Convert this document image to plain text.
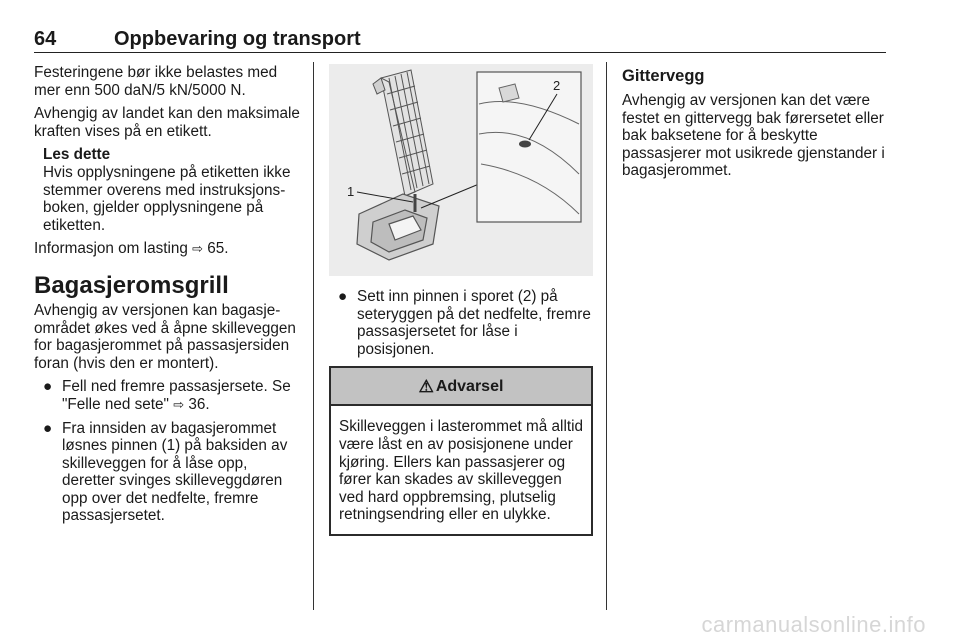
64	Oppbevaring og transport

Festeringene bør ikke belastes med mer enn 500 daN/5 kN/5000 N.

Avhengig av landet kan den maksimale kraften vises på en etikett.

Les dette

Hvis opplysningene på etiketten ikke stemmer overens med instruksjonsboken, gjelder opplysningene på etiketten.

Informasjon om lasting ⇨ 65.

Bagasjeromsgrill

Avhengig av versjonen kan bagasjeområdet økes ved å åpne skilleveggen for bagasjerommet på passasjersiden foran (hvis den er montert).

● Fell ned fremre passasjersete. Se "Felle ned sete" ⇨ 36.
● Fra innsiden av bagasjerommet løsnes pinnen (1) på baksiden av skilleveggen for å låse opp, deretter svinges skilleveggdøren opp over det nedfelte, fremre passasjersetet.
1
2
● Sett inn pinnen i sporet (2) på seteryggen på det nedfelte, fremre passasjersetet for låse i posisjonen.
⚠ Advarsel
Skilleveggen i lasterommet må alltid være låst en av posisjonene under kjøring. Ellers kan passasjerer og fører kan skades av skilleveggen ved hard oppbremsing, plutselig retningsendring eller en ulykke.
Gittervegg

Avhengig av versjonen kan det være festet en gittervegg bak førersetet eller bak baksetene for å beskytte passasjerer mot usikrede gjenstander i bagasjerommet.

carmanualsonline.info
